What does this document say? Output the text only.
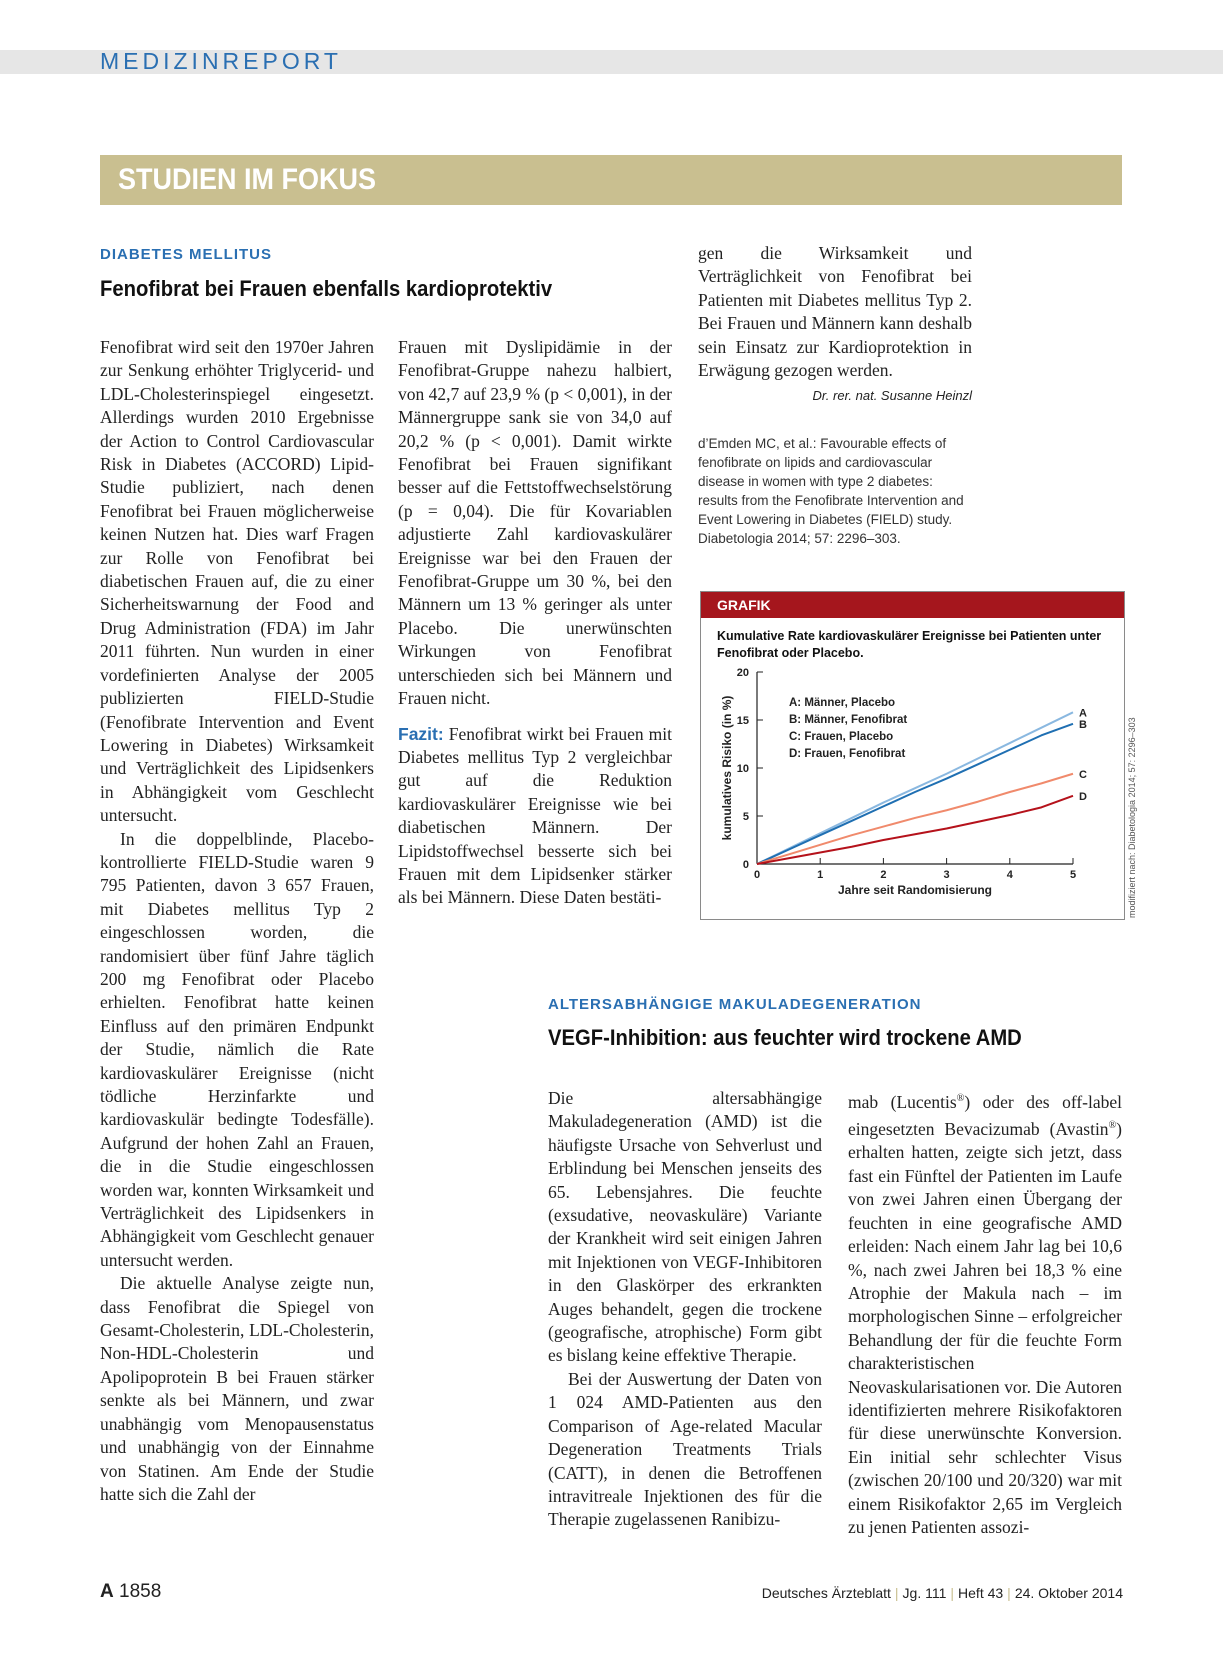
MEDIZINREPORT
STUDIEN IM FOKUS
DIABETES MELLITUS
Fenofibrat bei Frauen ebenfalls kardioprotektiv

Fenofibrat wird seit den 1970er Jahren zur Senkung erhöhter Triglycerid- und LDL-Cholesterinspiegel eingesetzt. Allerdings wurden 2010 Ergebnisse der Action to Control Cardiovascular Risk in Diabetes (ACCORD) Lipid-Studie publiziert, nach denen Fenofibrat bei Frauen möglicherweise keinen Nutzen hat. Dies warf Fragen zur Rolle von Fenofibrat bei diabetischen Frauen auf, die zu einer Sicherheitswarnung der Food and Drug Administration (FDA) im Jahr 2011 führten. Nun wurden in einer vordefinierten Analyse der 2005 publizierten FIELD-Studie (Fenofibrate Intervention and Event Lowering in Diabetes) Wirksamkeit und Verträglichkeit des Lipidsenkers in Abhängigkeit vom Geschlecht untersucht.

In die doppelblinde, Placebo-kontrollierte FIELD-Studie waren 9 795 Patienten, davon 3 657 Frauen, mit Diabetes mellitus Typ 2 eingeschlossen worden, die randomisiert über fünf Jahre täglich 200 mg Fenofibrat oder Placebo erhielten. Fenofibrat hatte keinen Einfluss auf den primären Endpunkt der Studie, nämlich die Rate kardiovaskulärer Ereignisse (nicht tödliche Herzinfarkte und kardiovaskulär bedingte Todesfälle). Aufgrund der hohen Zahl an Frauen, die in die Studie eingeschlossen worden war, konnten Wirksamkeit und Verträglichkeit des Lipidsenkers in Abhängigkeit vom Geschlecht genauer untersucht werden.

Die aktuelle Analyse zeigte nun, dass Fenofibrat die Spiegel von Gesamt-Cholesterin, LDL-Cholesterin, Non-HDL-Cholesterin und Apolipoprotein B bei Frauen stärker senkte als bei Männern, und zwar unabhängig vom Menopausenstatus und unabhängig von der Einnahme von Statinen. Am Ende der Studie hatte sich die Zahl der

Frauen mit Dyslipidämie in der Fenofibrat-Gruppe nahezu halbiert, von 42,7 auf 23,9 % (p < 0,001), in der Männergruppe sank sie von 34,0 auf 20,2 % (p < 0,001). Damit wirkte Fenofibrat bei Frauen signifikant besser auf die Fettstoffwechselstörung (p = 0,04). Die für Kovariablen adjustierte Zahl kardiovaskulärer Ereignisse war bei den Frauen der Fenofibrat-Gruppe um 30 %, bei den Männern um 13 % geringer als unter Placebo. Die unerwünschten Wirkungen von Fenofibrat unterschieden sich bei Männern und Frauen nicht.

Fazit: Fenofibrat wirkt bei Frauen mit Diabetes mellitus Typ 2 vergleichbar gut auf die Reduktion kardiovaskulärer Ereignisse wie bei diabetischen Männern. Der Lipidstoffwechsel besserte sich bei Frauen mit dem Lipidsenker stärker als bei Männern. Diese Daten bestäti-

gen die Wirksamkeit und Verträglichkeit von Fenofibrat bei Patienten mit Diabetes mellitus Typ 2. Bei Frauen und Männern kann deshalb sein Einsatz zur Kardioprotektion in Erwägung gezogen werden.

Dr. rer. nat. Susanne Heinzl
d’Emden MC, et al.: Favourable effects of fenofibrate on lipids and cardiovascular disease in women with type 2 diabetes: results from the Fenofibrate Intervention and Event Lowering in Diabetes (FIELD) study. Diabetologia 2014; 57: 2296–303.
GRAFIK
Kumulative Rate kardiovaskulärer Ereignisse bei Patienten unter Fenofibrat oder Placebo.
0
5
10
15
20
0	1	2	3	4	5
Jahre seit Randomisierung
kumulatives Risiko (in %)	A
B
C
D
A: Männer, Placebo
B: Männer, Fenofibrat
C: Frauen, Placebo
D: Frauen, Fenofibrat	modifiziert nach: Diabetologia 2014; 57: 2296–303
ALTERSABHÄNGIGE MAKULADEGENERATION
VEGF-Inhibition: aus feuchter wird trockene AMD

Die altersabhängige Makuladegeneration (AMD) ist die häufigste Ursache von Sehverlust und Erblindung bei Menschen jenseits des 65. Lebensjahres. Die feuchte (exsudative, neovaskuläre) Variante der Krankheit wird seit einigen Jahren mit Injektionen von VEGF-Inhibitoren in den Glaskörper des erkrankten Auges behandelt, gegen die trockene (geografische, atrophische) Form gibt es bislang keine effektive Therapie.

Bei der Auswertung der Daten von 1 024 AMD-Patienten aus den Comparison of Age-related Macular Degeneration Treatments Trials (CATT), in denen die Betroffenen intravitreale Injektionen des für die Therapie zugelassenen Ranibizu-

mab (Lucentis®) oder des off-label eingesetzten Bevacizumab (Avastin®) erhalten hatten, zeigte sich jetzt, dass fast ein Fünftel der Patienten im Laufe von zwei Jahren einen Übergang der feuchten in eine geografische AMD erleiden: Nach einem Jahr lag bei 10,6 %, nach zwei Jahren bei 18,3 % eine Atrophie der Makula nach – im morphologischen Sinne – erfolgreicher Behandlung der für die feuchte Form charakteristischen Neovaskularisationen vor. Die Autoren identifizierten mehrere Risikofaktoren für diese unerwünschte Konversion. Ein initial sehr schlechter Visus (zwischen 20/100 und 20/320) war mit einem Risikofaktor 2,65 im Vergleich zu jenen Patienten assozi-

A 1858	Deutsches Ärzteblatt | Jg. 111 | Heft 43 | 24. Oktober 2014
